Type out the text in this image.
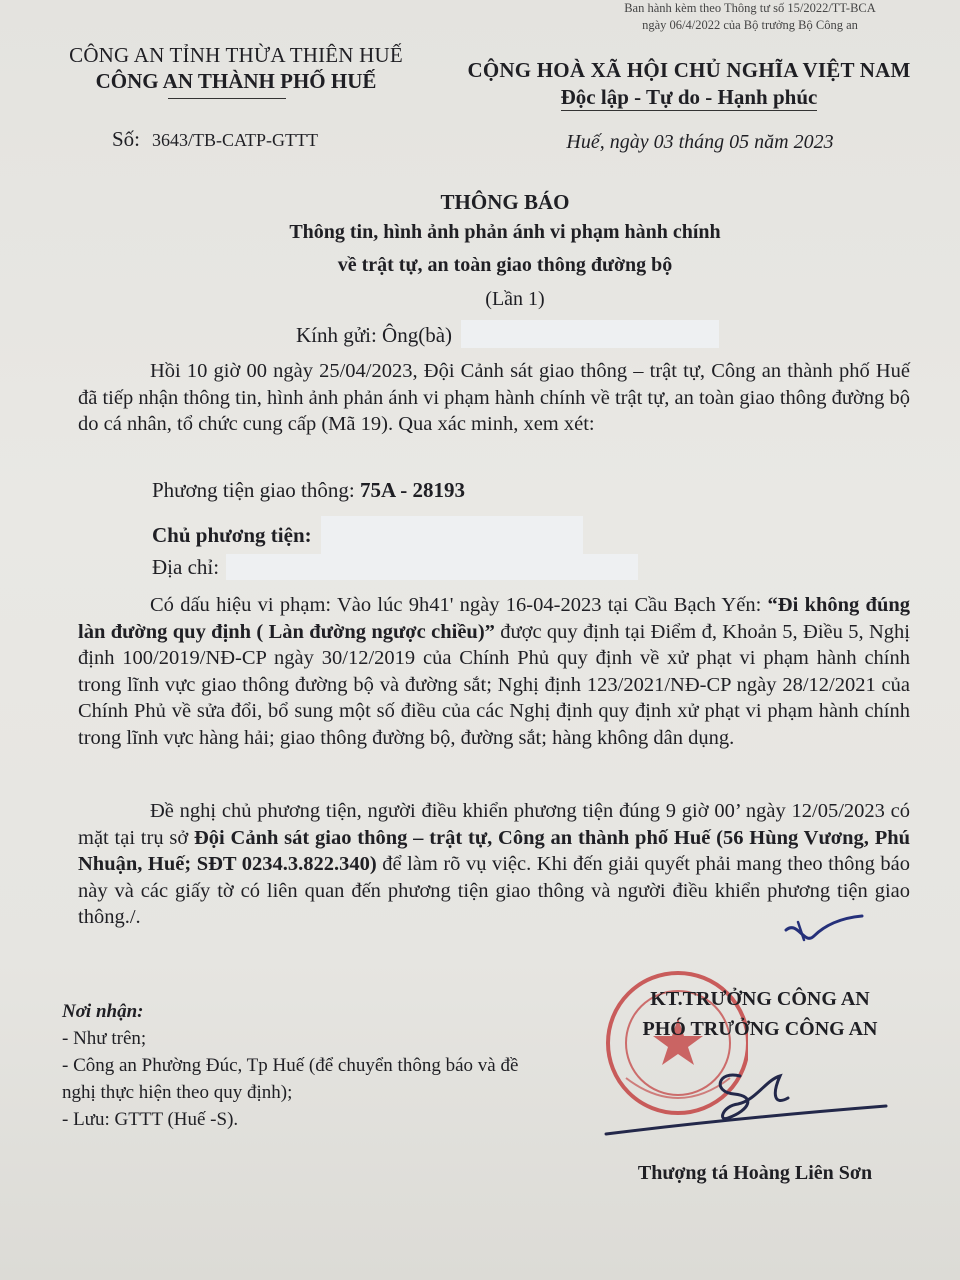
Ban hành kèm theo Thông tư số 15/2022/TT-BCA
ngày 06/4/2022 của Bộ trưởng Bộ Công an
CÔNG AN TỈNH THỪA THIÊN HUẾ
CÔNG AN THÀNH PHỐ HUẾ	CỘNG HOÀ XÃ HỘI CHỦ NGHĨA VIỆT NAM
Độc lập - Tự do - Hạnh phúc
Số: 3643/TB-CATP-GTTT	Huế, ngày 03 tháng 05 năm 2023
THÔNG BÁO
Thông tin, hình ảnh phản ánh vi phạm hành chính
về trật tự, an toàn giao thông đường bộ
(Lần 1)
Kính gửi: Ông(bà)
Hồi 10 giờ 00 ngày 25/04/2023, Đội Cảnh sát giao thông – trật tự, Công an thành phố Huế đã tiếp nhận thông tin, hình ảnh phản ánh vi phạm hành chính về trật tự, an toàn giao thông đường bộ do cá nhân, tổ chức cung cấp (Mã 19). Qua xác minh, xem xét:
Phương tiện giao thông: 75A - 28193
Chủ phương tiện:
Địa chỉ:
Có dấu hiệu vi phạm: Vào lúc 9h41' ngày 16-04-2023 tại Cầu Bạch Yến: “Đi không đúng làn đường quy định ( Làn đường ngược chiều)” được quy định tại Điểm đ, Khoản 5, Điều 5, Nghị định 100/2019/NĐ-CP ngày 30/12/2019 của Chính Phủ quy định về xử phạt vi phạm hành chính trong lĩnh vực giao thông đường bộ và đường sắt; Nghị định 123/2021/NĐ-CP ngày 28/12/2021 của Chính Phủ về sửa đổi, bổ sung một số điều của các Nghị định quy định xử phạt vi phạm hành chính trong lĩnh vực hàng hải; giao thông đường bộ, đường sắt; hàng không dân dụng.
Đề nghị chủ phương tiện, người điều khiển phương tiện đúng 9 giờ 00’ ngày 12/05/2023 có mặt tại trụ sở Đội Cảnh sát giao thông – trật tự, Công an thành phố Huế (56 Hùng Vương, Phú Nhuận, Huế; SĐT 0234.3.822.340) để làm rõ vụ việc. Khi đến giải quyết phải mang theo thông báo này và các giấy tờ có liên quan đến phương tiện giao thông và người điều khiển phương tiện giao thông./.
Nơi nhận:
- Như trên;
- Công an Phường Đúc, Tp Huế (để chuyển thông báo và đề nghị thực hiện theo quy định);
- Lưu: GTTT (Huế -S).
KT.TRƯỞNG CÔNG AN
PHÓ TRƯỞNG CÔNG AN
Thượng tá Hoàng Liên Sơn
